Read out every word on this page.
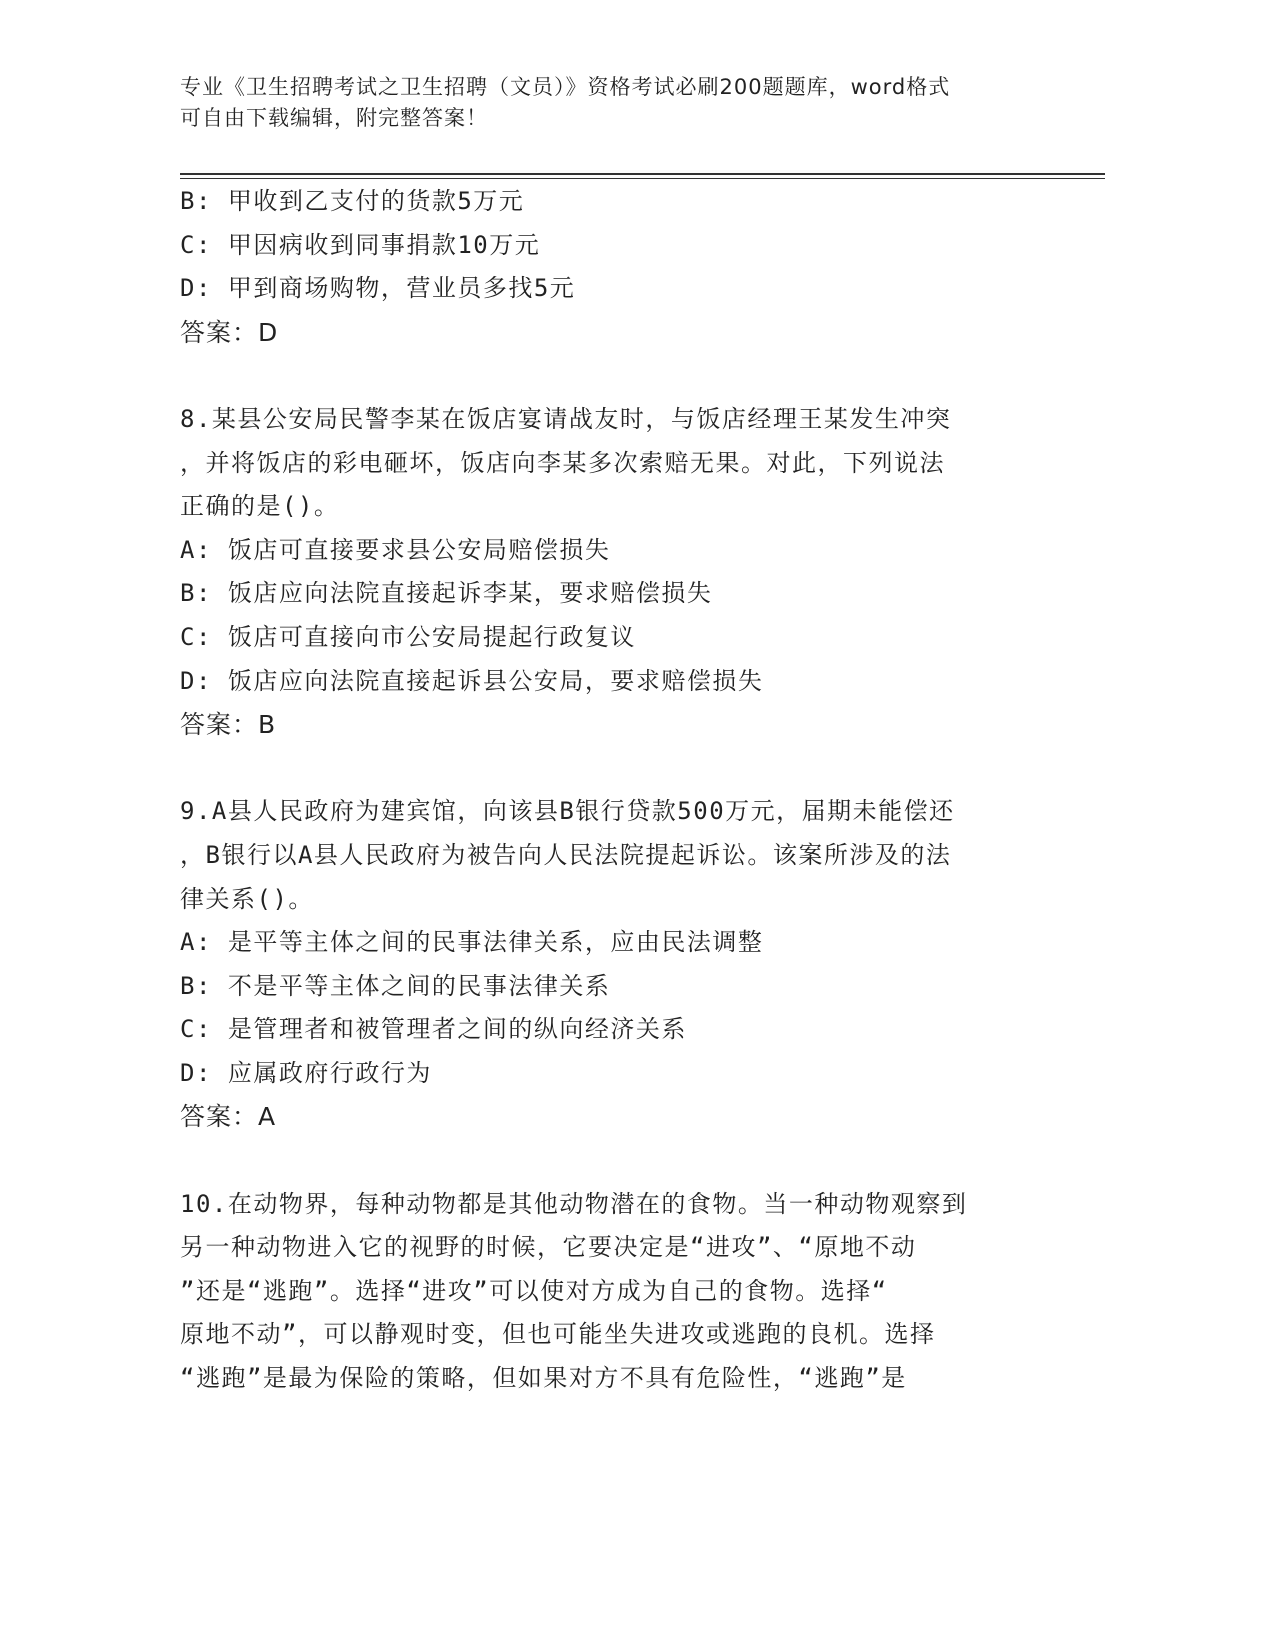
专业《卫生招聘考试之卫生招聘（文员）》资格考试必刷200题题库，word格式
可自由下载编辑，附完整答案！
B: 甲收到乙支付的货款5万元
C: 甲因病收到同事捐款10万元
D: 甲到商场购物，营业员多找5元
答案：D
8.某县公安局民警李某在饭店宴请战友时，与饭店经理王某发生冲突
，并将饭店的彩电砸坏，饭店向李某多次索赔无果。对此，下列说法
正确的是()。
A: 饭店可直接要求县公安局赔偿损失
B: 饭店应向法院直接起诉李某，要求赔偿损失
C: 饭店可直接向市公安局提起行政复议
D: 饭店应向法院直接起诉县公安局，要求赔偿损失
答案：B
9.A县人民政府为建宾馆，向该县B银行贷款500万元，届期未能偿还
，B银行以A县人民政府为被告向人民法院提起诉讼。该案所涉及的法
律关系()。
A: 是平等主体之间的民事法律关系，应由民法调整
B: 不是平等主体之间的民事法律关系
C: 是管理者和被管理者之间的纵向经济关系
D: 应属政府行政行为
答案：A
10.在动物界，每种动物都是其他动物潜在的食物。当一种动物观察到
另一种动物进入它的视野的时候，它要决定是“进攻”、“原地不动
”还是“逃跑”。选择“进攻”可以使对方成为自己的食物。选择“
原地不动”，可以静观时变，但也可能坐失进攻或逃跑的良机。选择
“逃跑”是最为保险的策略，但如果对方不具有危险性，“逃跑”是
